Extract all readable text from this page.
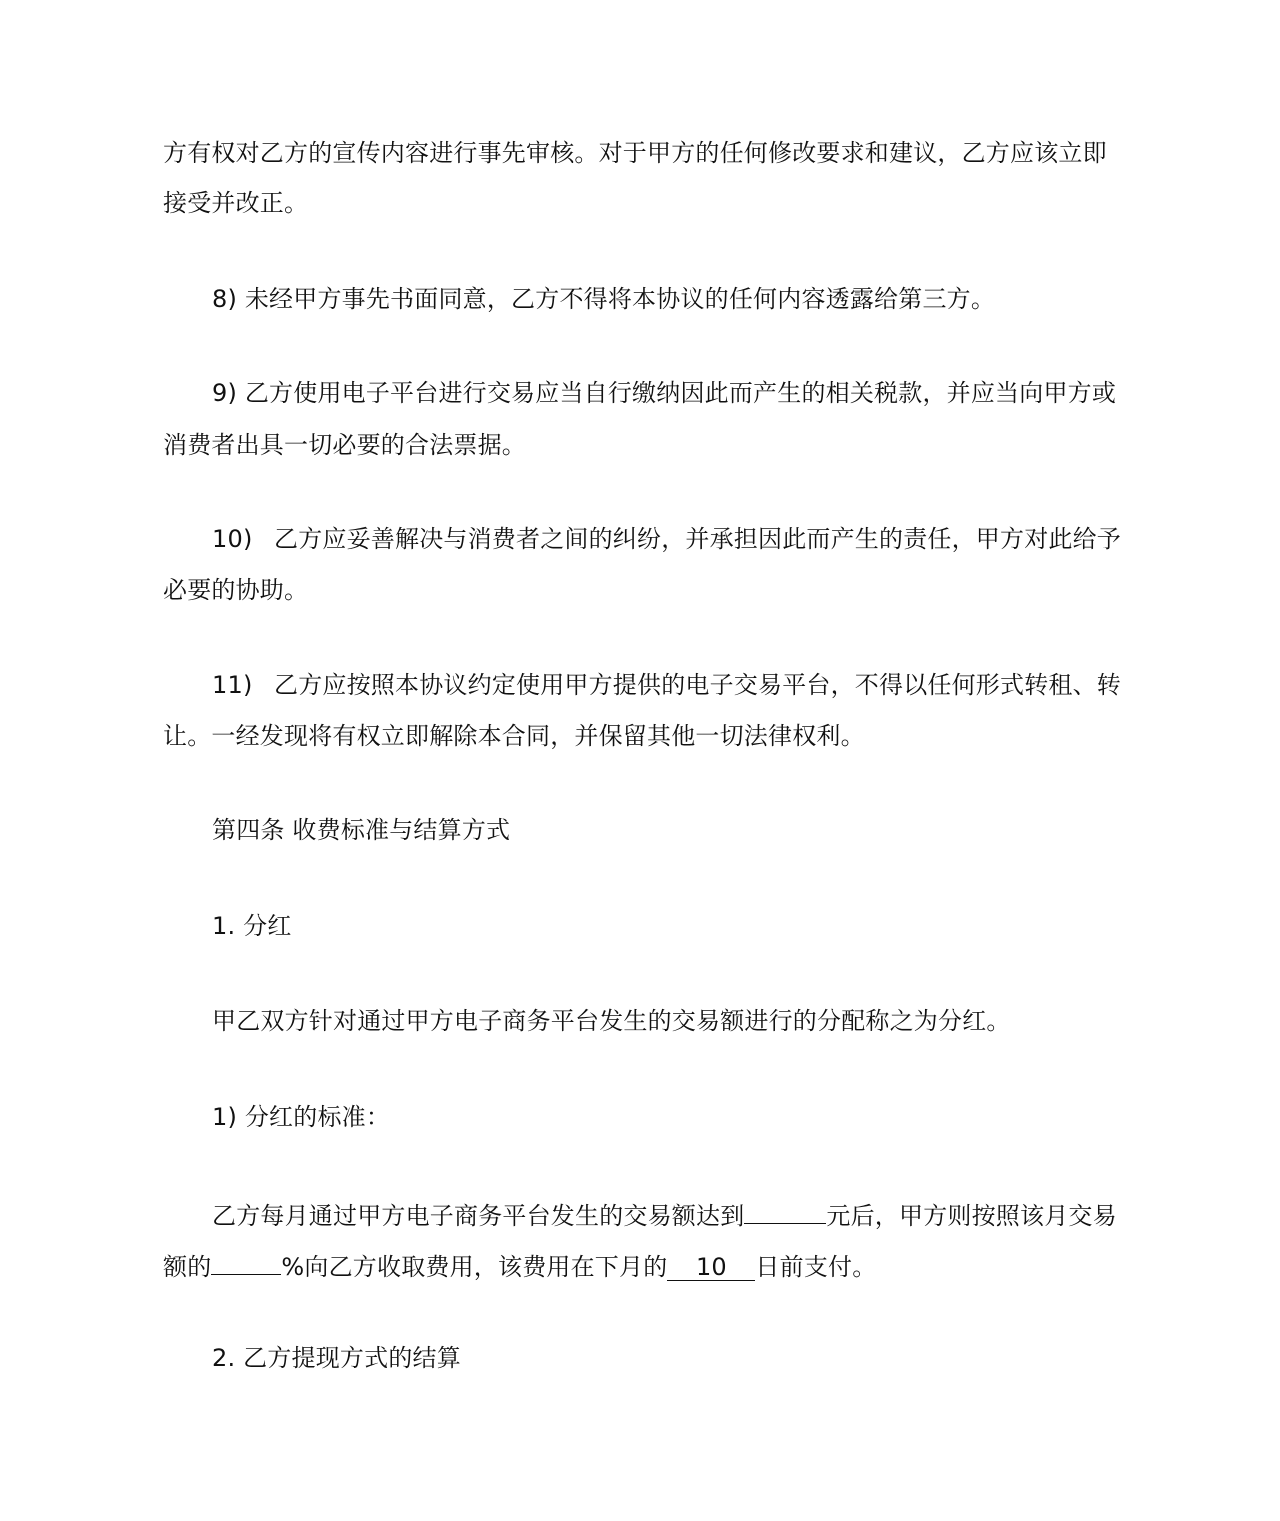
方有权对乙方的宣传内容进行事先审核。对于甲方的任何修改要求和建议，乙方应该立即
接受并改正。
8) 未经甲方事先书面同意，乙方不得将本协议的任何内容透露给第三方。
9) 乙方使用电子平台进行交易应当自行缴纳因此而产生的相关税款，并应当向甲方或
消费者出具一切必要的合法票据。
10) 乙方应妥善解决与消费者之间的纠纷，并承担因此而产生的责任，甲方对此给予
必要的协助。
11) 乙方应按照本协议约定使用甲方提供的电子交易平台，不得以任何形式转租、转
让。一经发现将有权立即解除本合同，并保留其他一切法律权利。
第四条 收费标准与结算方式
1. 分红
甲乙双方针对通过甲方电子商务平台发生的交易额进行的分配称之为分红。
1) 分红的标准：
乙方每月通过甲方电子商务平台发生的交易额达到	元后，甲方则按照该月交易
额的	%向乙方收取费用，该费用在下月的 10 日前支付。
2. 乙方提现方式的结算
